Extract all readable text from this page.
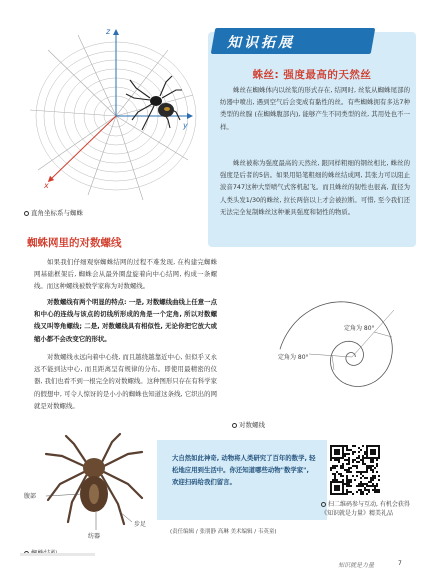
z
y
x
直角坐标系与蜘蛛
知识拓展
蛛丝: 强度最高的天然丝
蛛丝在蜘蛛体内以丝浆的形式存在, 结网时, 丝浆从蜘蛛尾部的纺器中喷出, 遇到空气后会变成有黏性的丝。有些蜘蛛拥有多达7种类型的丝腺 (在蜘蛛腹部内), 能够产生不同类型的丝, 其用处也不一样。
蛛丝被称为强度最高的天然丝, 跟同样粗细的钢丝相比, 蛛丝的强度是后者的5倍。如果用铅笔粗细的蛛丝结成网, 其张力可以阻止波音747这种大型喷气式客机起飞。而且蛛丝的韧性也很高, 直径为人类头发1/30的蛛丝, 拉长两倍以上才会被拉断。可惜, 至今我们还无法完全复制蛛丝这种兼具强度和韧性的物质。
蜘蛛网里的对数螺线
如果我们仔细观察蜘蛛结网的过程不难发现, 在构建完蜘蛛网基础框架后, 蜘蛛会从最外圈盘旋着向中心结网, 构成一条螺线。而这种螺线被数学家称为对数螺线。
对数螺线有两个明显的特点: 一是, 对数螺线曲线上任意一点和中心的连线与该点的切线所形成的角是一个定角, 所以对数螺线又叫等角螺线; 二是, 对数螺线具有相似性, 无论你把它放大或缩小都不会改变它的形状。
对数螺线永远向着中心绕, 而且越绕越靠近中心, 但似乎又永远不能到达中心, 而且距离呈有规律的分布。即使用最精密的仪器, 我们也看不到一根完全的对数螺线。这种图形只存在有科学家的假想中, 可令人惊讶的是小小的蜘蛛也知道这条线, 它织出的网就是对数螺线。
定角为 80°
定角为 80°
对数螺线
腹部
纺器
步足
大自然如此神奇, 动物将人类研究了百年的数学, 轻松地应用到生活中。你还知道哪些动物"数学家", 欢迎扫码给我们留言。
扫二维码参与互动, 有机会获得《知识就是力量》精美礼品
(责任编辑 / 张朋静 高琳 美术编辑 / 韦英童)
知识就是力量	7
